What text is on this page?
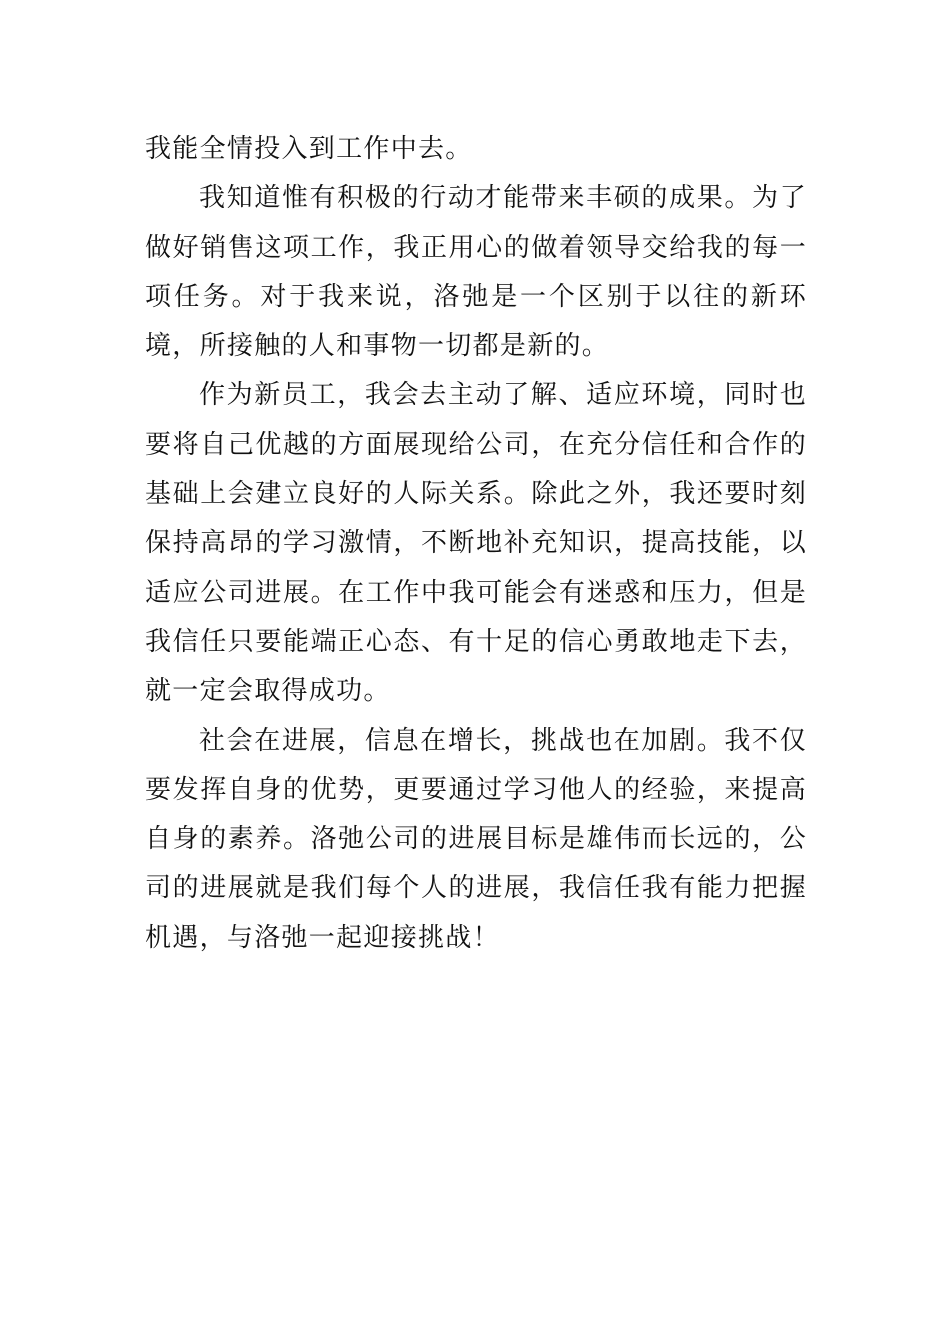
我能全情投入到工作中去。

我知道惟有积极的行动才能带来丰硕的成果。为了做好销售这项工作，我正用心的做着领导交给我的每一项任务。对于我来说，洛弛是一个区别于以往的新环境，所接触的人和事物一切都是新的。

作为新员工，我会去主动了解、适应环境，同时也要将自己优越的方面展现给公司，在充分信任和合作的基础上会建立良好的人际关系。除此之外，我还要时刻保持高昂的学习激情，不断地补充知识，提高技能，以适应公司进展。在工作中我可能会有迷惑和压力，但是我信任只要能端正心态、有十足的信心勇敢地走下去，就一定会取得成功。

社会在进展，信息在增长，挑战也在加剧。我不仅要发挥自身的优势，更要通过学习他人的经验，来提高自身的素养。洛弛公司的进展目标是雄伟而长远的，公司的进展就是我们每个人的进展，我信任我有能力把握机遇，与洛弛一起迎接挑战！
